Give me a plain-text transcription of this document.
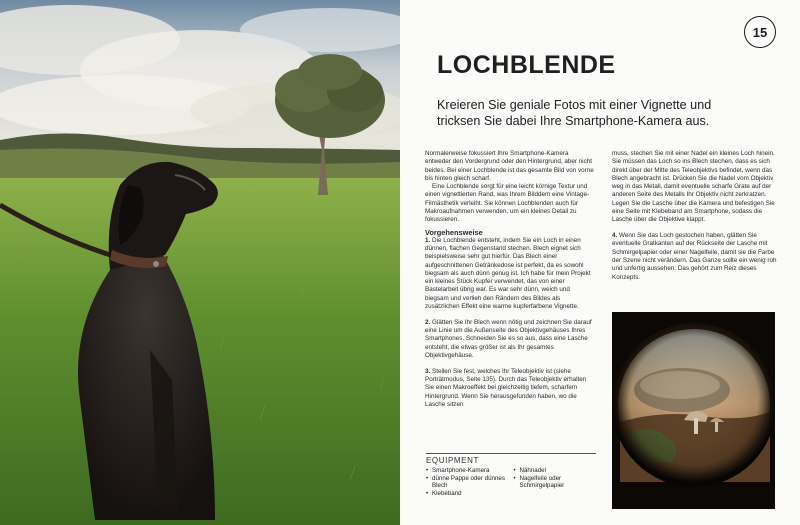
15
LOCHBLENDE
Kreieren Sie geniale Fotos mit einer Vignette und tricksen Sie dabei Ihre Smartphone-Kamera aus.

Normalerweise fokussiert Ihre Smartphone-Kamera entweder den Vordergrund oder den Hintergrund, aber nicht beides. Bei einer Lochblende ist das gesamte Bild von vorne bis hinten gleich scharf.

Eine Lochblende sorgt für eine leicht körnige Textur und einen vignettierten Rand, was Ihrem Bilddem eine Vintage-Filmästhetik verleiht. Sie können Lochblenden auch für Makroaufnahmen verwenden, um ein kleines Detail zu fokussieren.

Vorgehensweise

1. Die Lochblende entsteht, indem Sie ein Loch in einen dünnen, flachen Gegenstand stechen. Blech eignet sich beispielsweise sehr gut hierfür. Das Blech einer aufgeschnittenen Getränkedose ist perfekt, da es sowohl biegsam als auch dünn genug ist. Ich habe für mein Projekt ein kleines Stück Kupfer verwendet, das von einer Bastelarbeit übrig war. Es war sehr dünn, weich und biegsam und verlieh den Rändern des Bildes als zusätzlichen Effekt eine warme kupferfarbene Vignette.

2. Glätten Sie Ihr Blech wenn nötig und zeichnen Sie darauf eine Linie um die Außenseite des Objektivgehäuses Ihres Smartphones. Schneiden Sie es so aus, dass eine Lasche entsteht, die etwas größer ist als Ihr gesamtes Objektivgehäuse.

3. Stellen Sie fest, welches Ihr Teleobjektiv ist (siehe Porträtmodus, Seite 135). Durch das Teleobjektiv erhalten Sie einen Makroeffekt bei gleichzeitig tiefem, scharfem Hintergrund. Wenn Sie herausgefunden haben, wo die Lasche sitzen

muss, stechen Sie mit einer Nadel ein kleines Loch hinein. Sie müssen das Loch so ins Blech stechen, dass es sich direkt über der Mitte des Teleobjektivs befindet, wenn das Blech angebracht ist. Drücken Sie die Nadel vom Objektiv weg in das Metall, damit eventuelle scharfe Grate auf der anderen Seite des Metalls Ihr Objektiv nicht zerkratzen. Legen Sie die Lasche über die Kamera und befestigen Sie eine Seite mit Klebeband am Smartphone, sodass die Lasche über die Objektive klappt.

4. Wenn Sie das Loch gestochen haben, glätten Sie eventuelle Gratkanten auf der Rückseite der Lasche mit Schmirgelpapier oder einer Nagelfeile, damit sie die Farbe der Szene nicht verändern. Das Ganze sollte ein wenig roh und unfertig aussehen: Das gehört zum Reiz dieses Konzepts.

EQUIPMENT
• Smartphone-Kamera
• dünne Pappe oder dünnes Blech
• Klebeband
• Nähnadel
• Nagelfeile oder Schmirgelpapier
